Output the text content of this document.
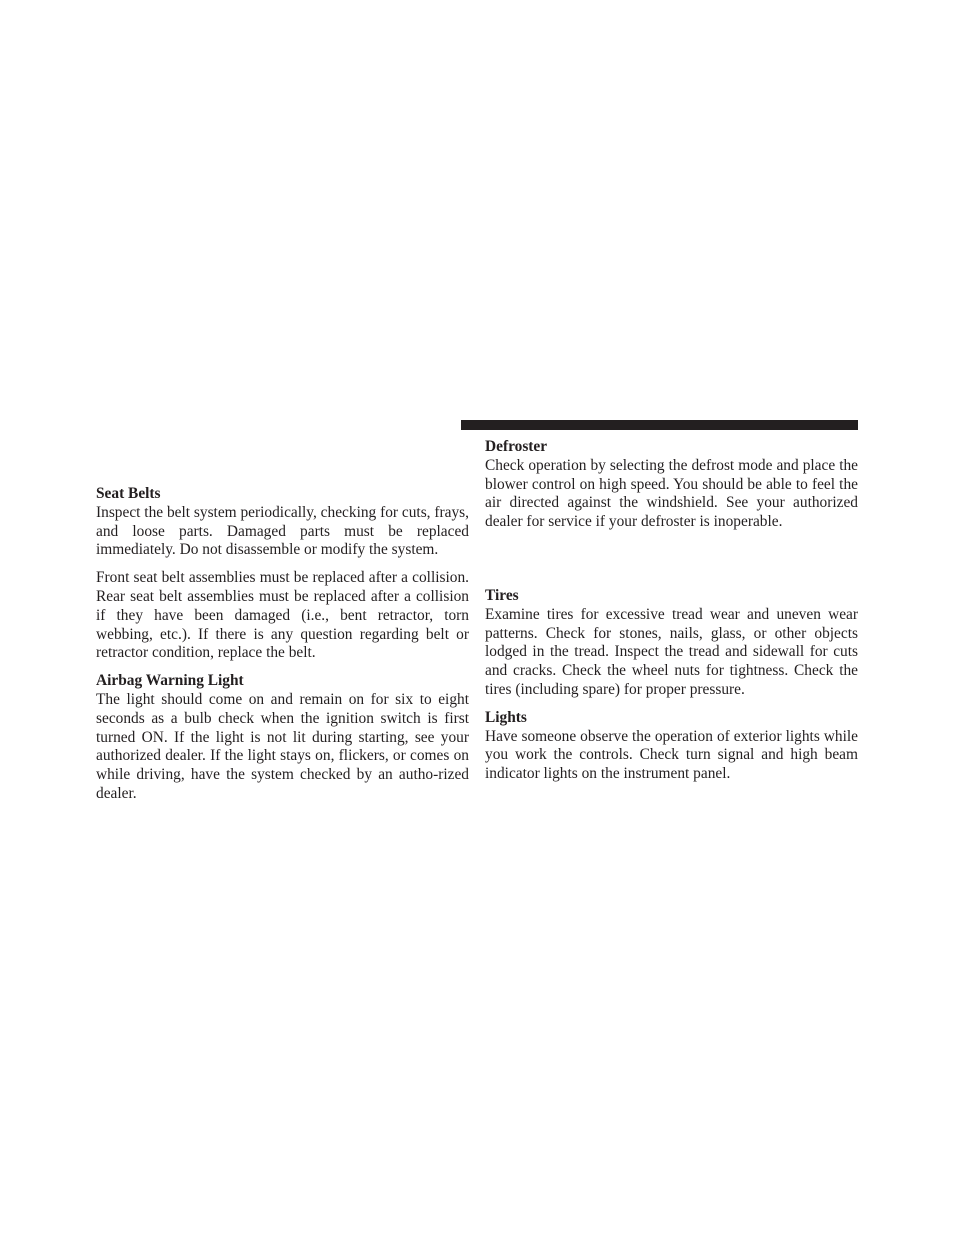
Seat Belts

Inspect the belt system periodically, checking for cuts, frays, and loose parts. Damaged parts must be replaced immediately. Do not disassemble or modify the system.

Front seat belt assemblies must be replaced after a collision. Rear seat belt assemblies must be replaced after a collision if they have been damaged (i.e., bent retractor, torn webbing, etc.). If there is any question regarding belt or retractor condition, replace the belt.

Airbag Warning Light

The light should come on and remain on for six to eight seconds as a bulb check when the ignition switch is first turned ON. If the light is not lit during starting, see your authorized dealer. If the light stays on, flickers, or comes on while driving, have the system checked by an autho-rized dealer.

Defroster

Check operation by selecting the defrost mode and place the blower control on high speed. You should be able to feel the air directed against the windshield. See your authorized dealer for service if your defroster is inoperable.

Tires

Examine tires for excessive tread wear and uneven wear patterns. Check for stones, nails, glass, or other objects lodged in the tread. Inspect the tread and sidewall for cuts and cracks. Check the wheel nuts for tightness. Check the tires (including spare) for proper pressure.

Lights

Have someone observe the operation of exterior lights while you work the controls. Check turn signal and high beam indicator lights on the instrument panel.
